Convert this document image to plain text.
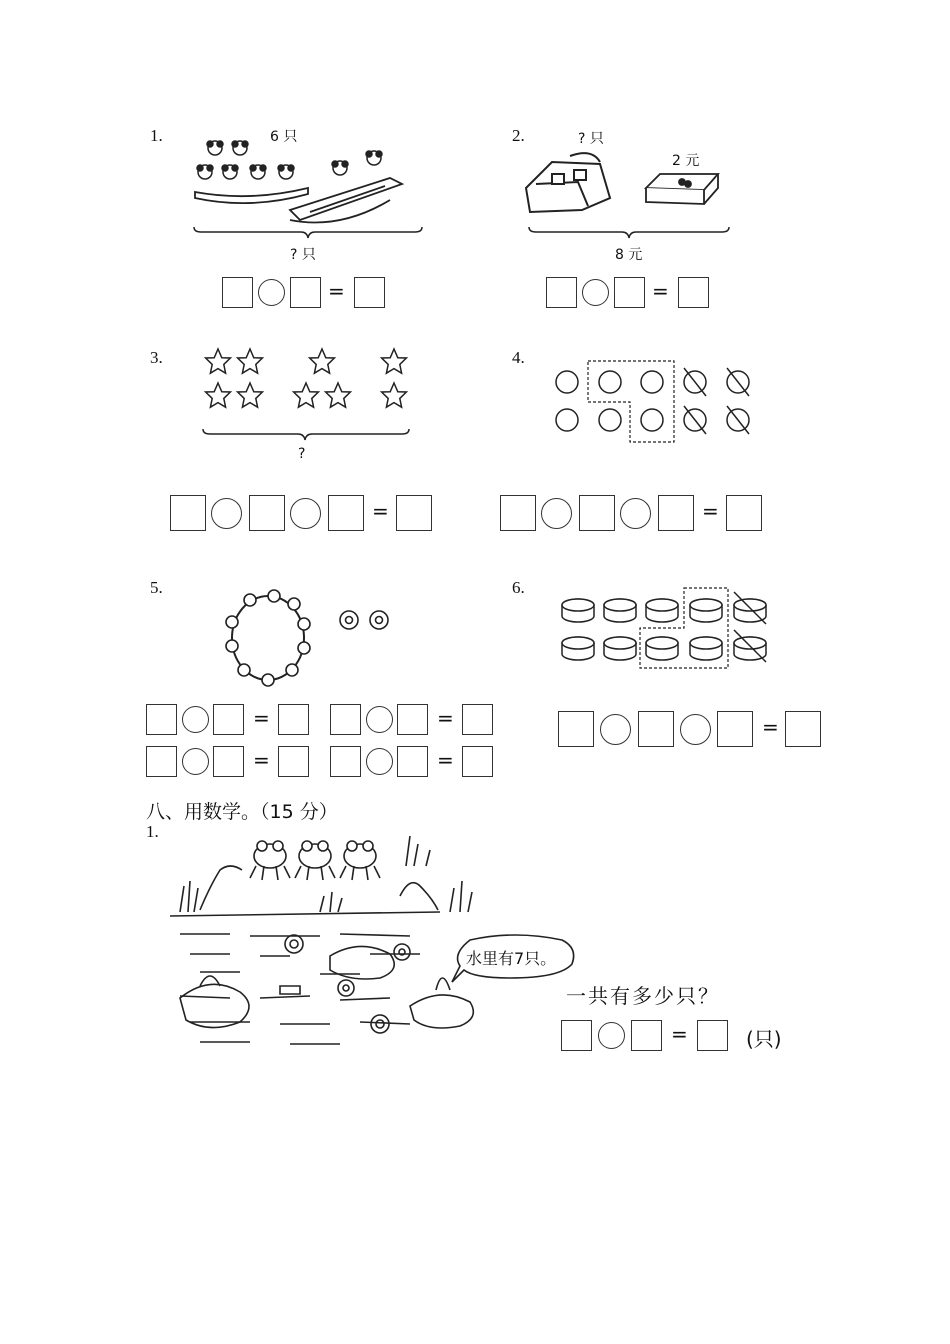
1.	6 只
? 只
=
2.	? 只
2 元
8 元
=
3.
?
=
4.
=
5.
=	=
=	=
6.
=
八、用数学。（15 分）
1.
水里有7只。
一共有多少只？
=	(只)
